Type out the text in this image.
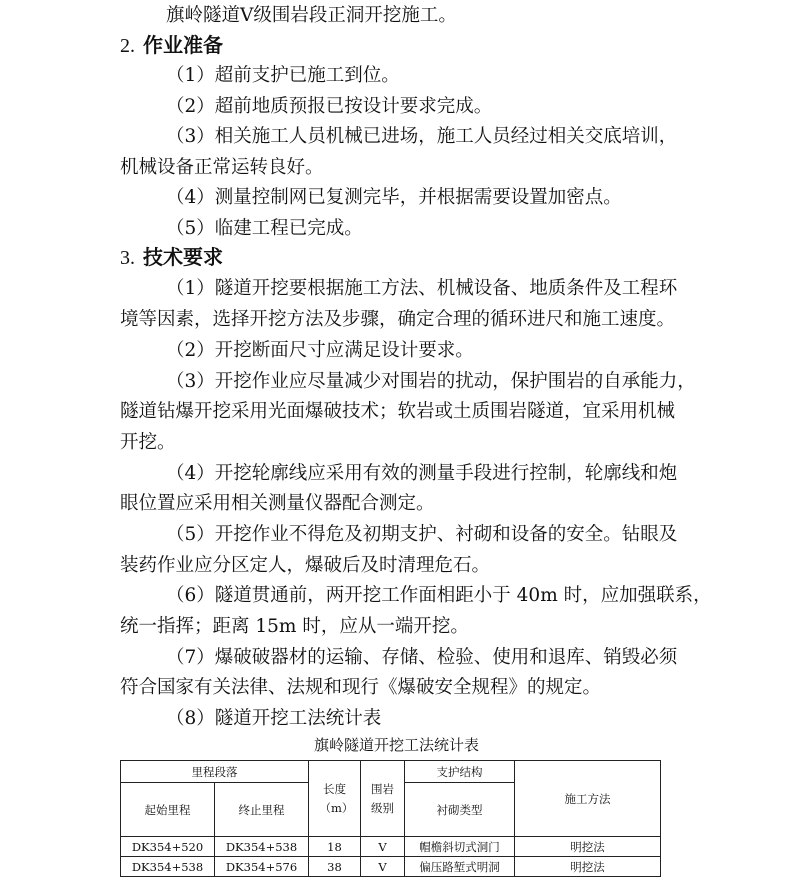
旗岭隧道Ⅴ级围岩段正洞开挖施工。
2. 作业准备
（1）超前支护已施工到位。
（2）超前地质预报已按设计要求完成。
（3）相关施工人员机械已进场，施工人员经过相关交底培训，
机械设备正常运转良好。
（4）测量控制网已复测完毕，并根据需要设置加密点。
（5）临建工程已完成。
3. 技术要求
（1）隧道开挖要根据施工方法、机械设备、地质条件及工程环
境等因素，选择开挖方法及步骤，确定合理的循环进尺和施工速度。
（2）开挖断面尺寸应满足设计要求。
（3）开挖作业应尽量减少对围岩的扰动，保护围岩的自承能力，
隧道钻爆开挖采用光面爆破技术；软岩或土质围岩隧道，宜采用机械
开挖。
（4）开挖轮廓线应采用有效的测量手段进行控制，轮廓线和炮
眼位置应采用相关测量仪器配合测定。
（5）开挖作业不得危及初期支护、衬砌和设备的安全。钻眼及
装药作业应分区定人，爆破后及时清理危石。
（6）隧道贯通前，两开挖工作面相距小于 40m 时，应加强联系，
统一指挥；距离 15m 时，应从一端开挖。
（7）爆破破器材的运输、存储、检验、使用和退库、销毁必须
符合国家有关法律、法规和现行《爆破安全规程》的规定。
（8）隧道开挖工法统计表
旗岭隧道开挖工法统计表
里程段落		长度（m）	围岩级别	支护结构	施工方法
起始里程	终止里程			衬砌类型	
DK354+520	DK354+538	18	Ⅴ	帽檐斜切式洞门	明挖法
DK354+538	DK354+576	38	Ⅴ	偏压路堑式明洞	明挖法
